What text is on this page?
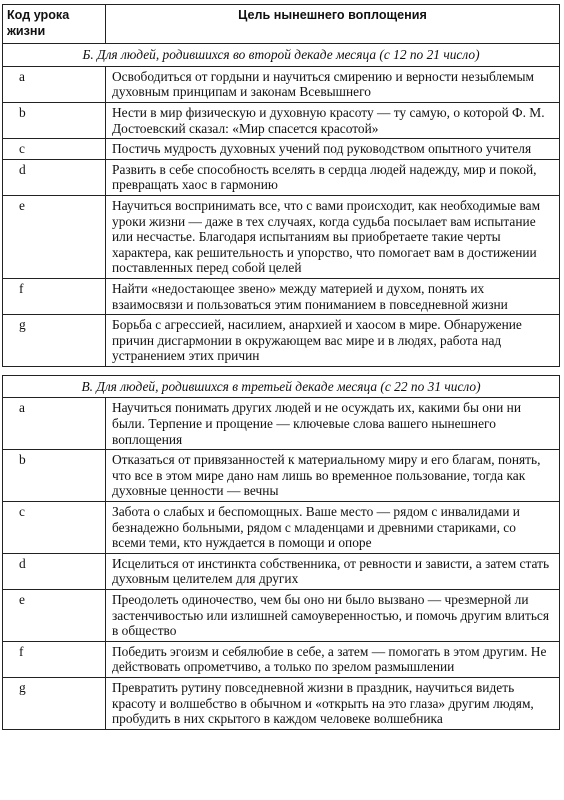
Код урока жизни	Цель нынешнего воплощения
Б. Для людей, родившихся во второй декаде месяца (с 12 по 21 число)	
a	Освободиться от гордыни и научиться смирению и верности незыблемым духовным принципам и законам Всевышнего
b	Нести в мир физическую и духовную красоту — ту самую, о которой Ф. М. Достоевский сказал: «Мир спасется красотой»
c	Постичь мудрость духовных учений под руководством опытного учителя
d	Развить в себе способность вселять в сердца людей надежду, мир и покой, превращать хаос в гармонию
e	Научиться воспринимать все, что с вами происходит, как необходимые вам уроки жизни — даже в тех случаях, когда судьба посылает вам испытание или несчастье. Благодаря испытаниям вы приобретаете такие черты характера, как решительность и упорство, что помогает вам в достижении поставленных перед собой целей
f	Найти «недостающее звено» между материей и духом, понять их взаимосвязи и пользоваться этим пониманием в повседневной жизни
g	Борьба с агрессией, насилием, анархией и хаосом в мире. Обнаружение причин дисгармонии в окружающем вас мире и в людях, работа над устранением этих причин

В. Для людей, родившихся в третьей декаде месяца (с 22 по 31 число)	
a	Научиться понимать других людей и не осуждать их, какими бы они ни были. Терпение и прощение — ключевые слова вашего нынешнего воплощения
b	Отказаться от привязанностей к материальному миру и его благам, понять, что все в этом мире дано нам лишь во временное пользование, тогда как духовные ценности — вечны
c	Забота о слабых и беспомощных. Ваше место — рядом с инвалидами и безнадежно больными, рядом с младенцами и древними стариками, со всеми теми, кто нуждается в помощи и опоре
d	Исцелиться от инстинкта собственника, от ревности и зависти, а затем стать духовным целителем для других
e	Преодолеть одиночество, чем бы оно ни было вызвано — чрезмерной ли застенчивостью или излишней самоуверенностью, и помочь другим влиться в общество
f	Победить эгоизм и себялюбие в себе, а затем — помогать в этом другим. Не действовать опрометчиво, а только по зрелом размышлении
g	Превратить рутину повседневной жизни в праздник, научиться видеть красоту и волшебство в обычном и «открыть на это глаза» другим людям, пробудить в них скрытого в каждом человеке волшебника
